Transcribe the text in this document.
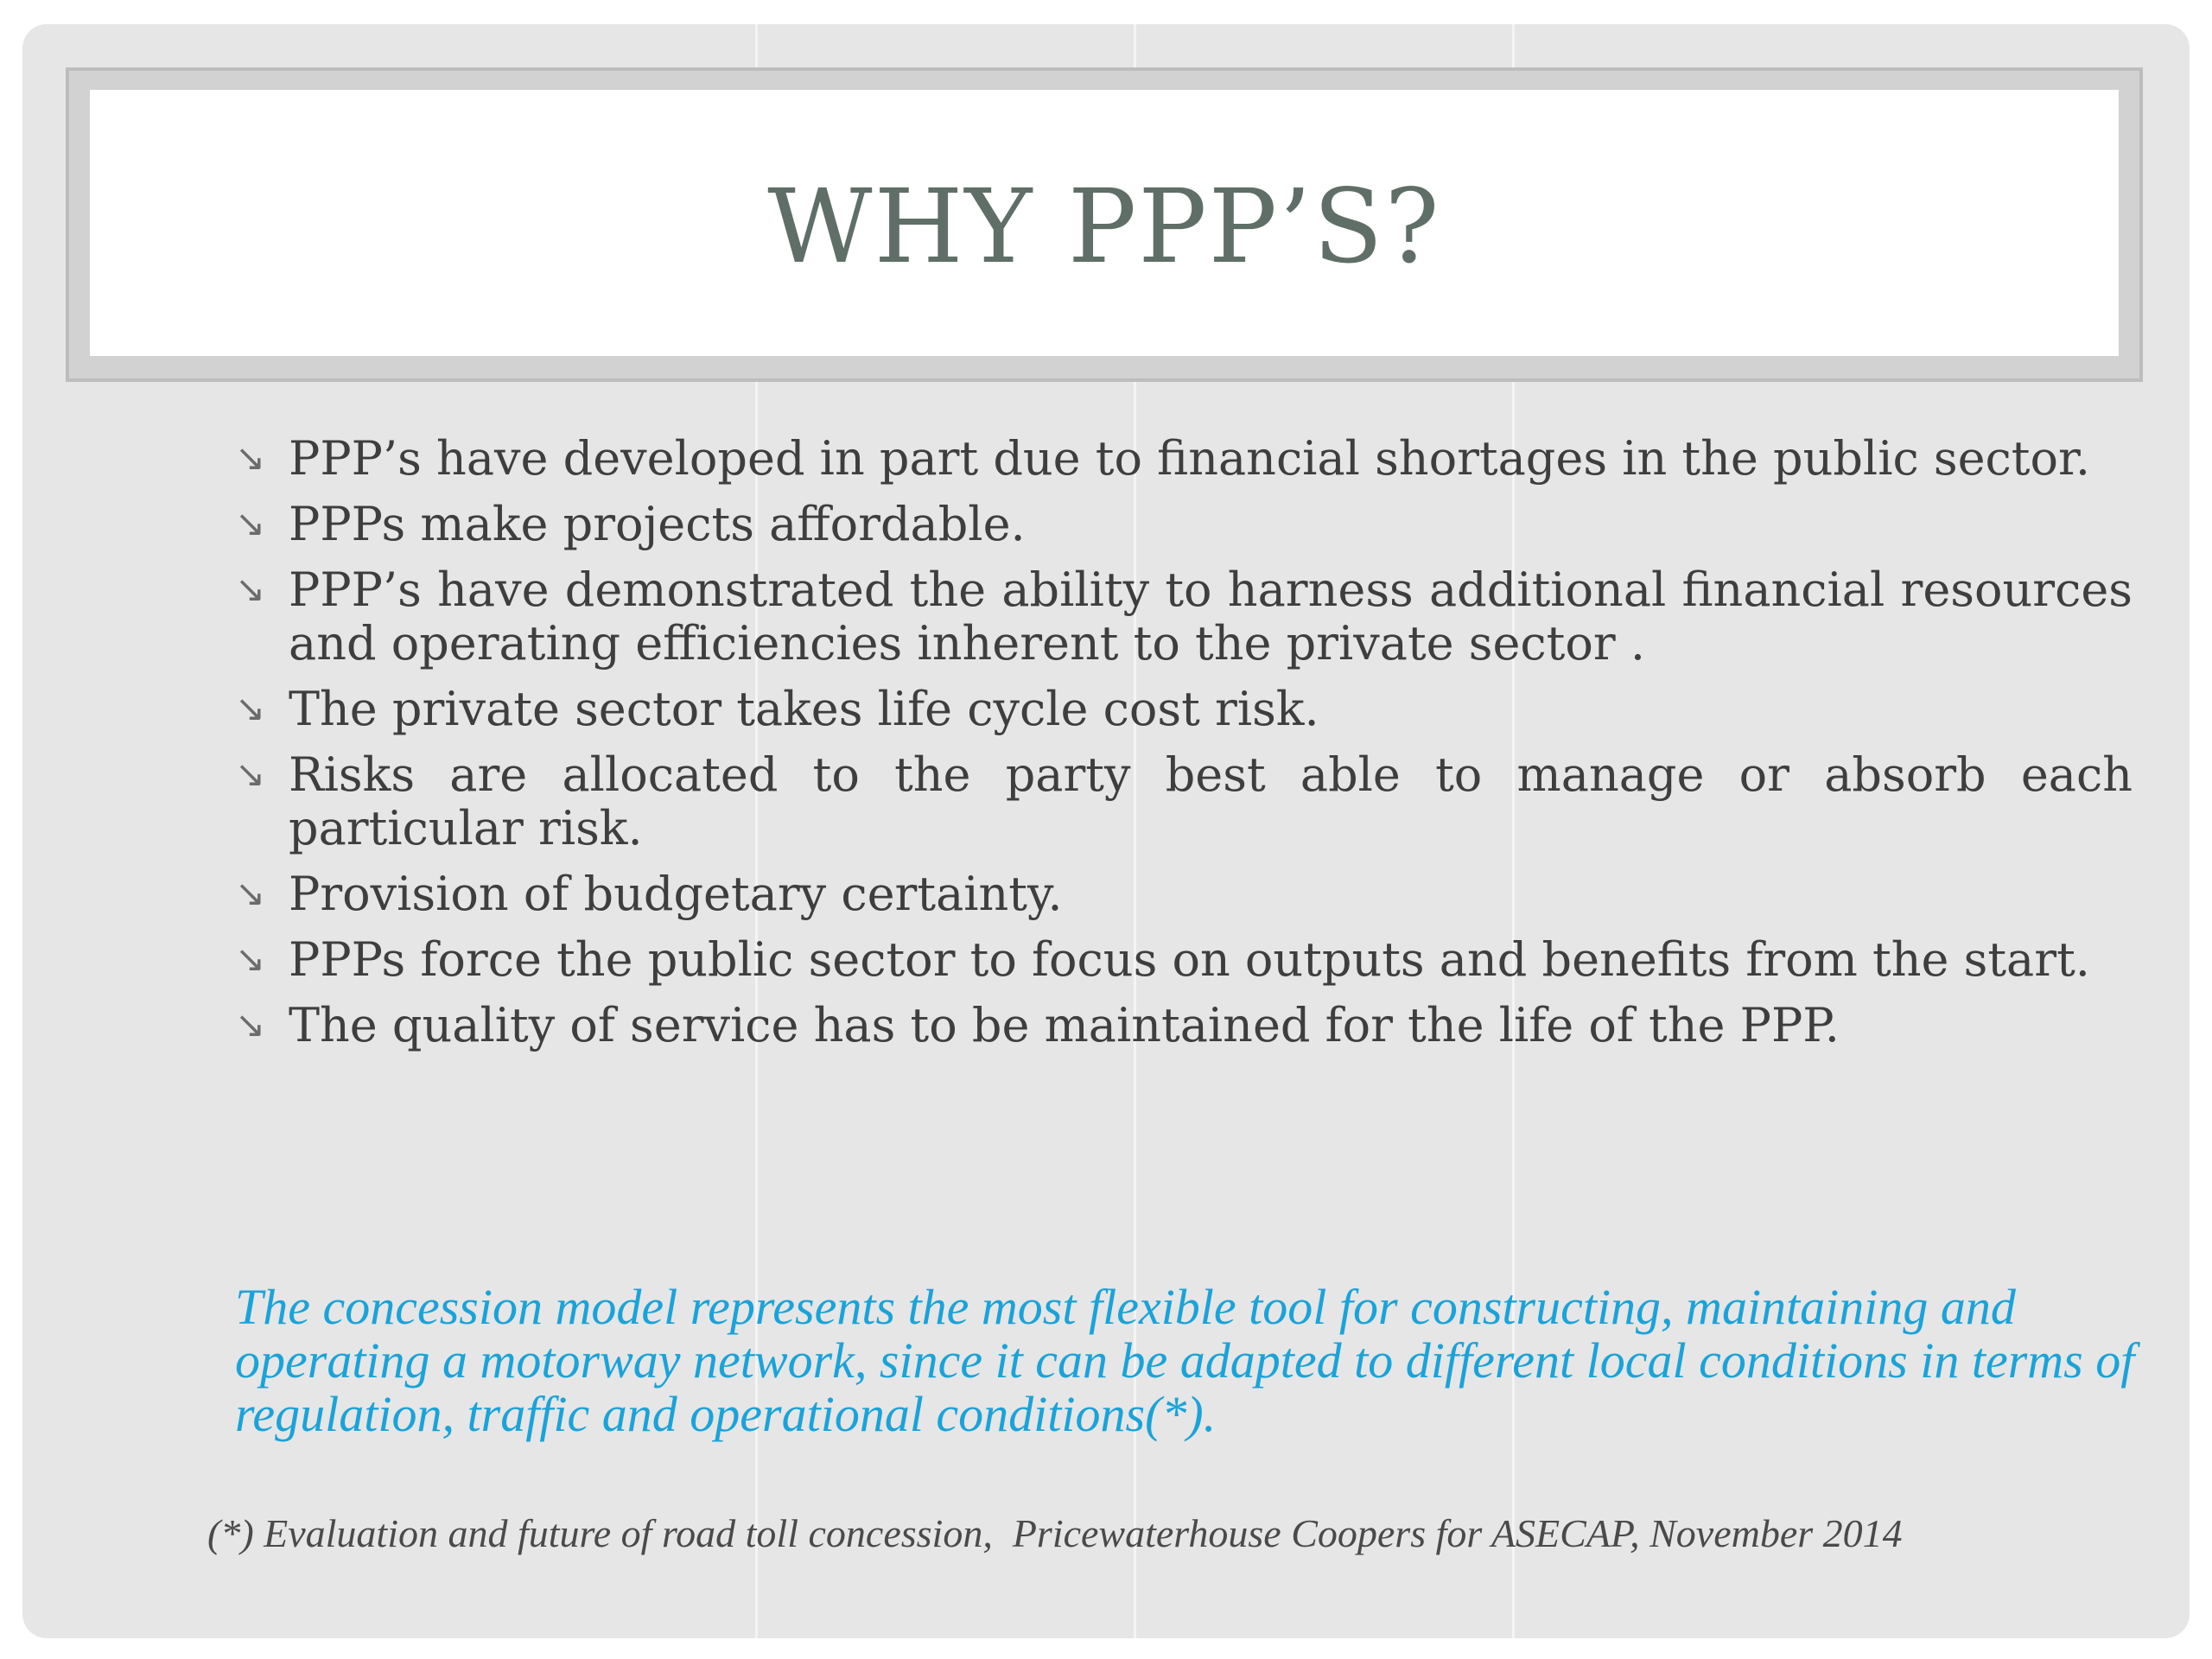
WHY PPP’S?
↘ PPP’s have developed in part due to financial shortages in the public sector.
↘ PPPs make projects affordable.
↘ PPP’s have demonstrated the ability to harness additional financial resources and operating efficiencies inherent to the private sector .
↘ The private sector takes life cycle cost risk.
↘ Risks are allocated to the party best able to manage or absorb each particular risk.
↘ Provision of budgetary certainty.
↘ PPPs force the public sector to focus on outputs and benefits from the start.
↘ The quality of service has to be maintained for the life of the PPP.
The concession model represents the most flexible tool for constructing, maintaining and operating a motorway network, since it can be adapted to different local conditions in terms of regulation, traffic and operational conditions(*).
(*) Evaluation and future of road toll concession,  Pricewaterhouse Coopers for ASECAP, November 2014
